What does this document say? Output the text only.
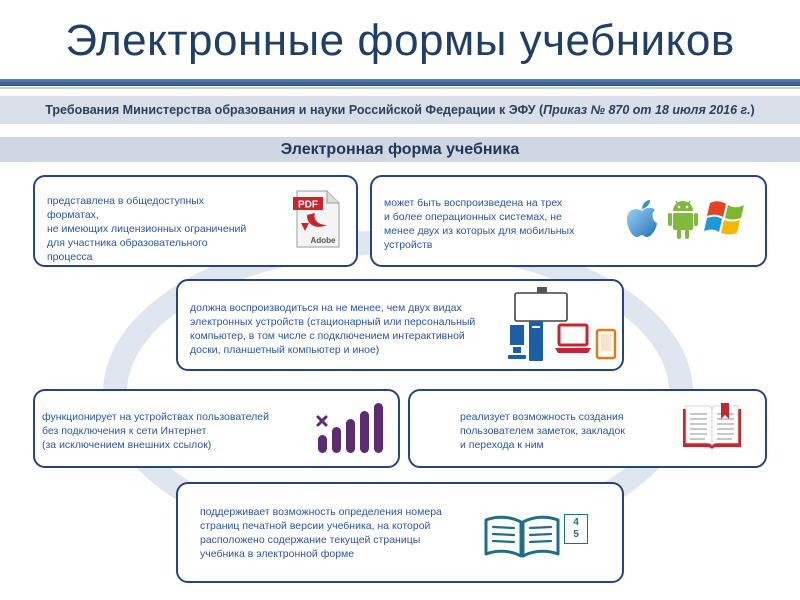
Электронные формы учебников
Требования Министерства образования и науки Российской Федерации к ЭФУ (Приказ № 870 от 18 июля 2016 г.)
Электронная форма учебника
представлена в общедоступных
форматах,
не имеющих лицензионных ограничений
для участника образовательного
процесса
PDF
Adobe
может быть воспроизведена на трех
и более операционных системах, не
менее двух из которых для мобильных
устройств
должна воспроизводиться на не менее, чем двух видах
электронных устройств (стационарный или персональный
компьютер, в том числе с подключением интерактивной
доски, планшетный компьютер и иное)
функционирует на устройствах пользователей
без подключения к сети Интернет
(за исключением внешних ссылок)
реализует возможность создания
пользователем заметок, закладок
и перехода к ним
поддерживает возможность определения номера
страниц печатной версии учебника, на которой
расположено содержание текущей страницы
учебника в электронной форме
4
5
